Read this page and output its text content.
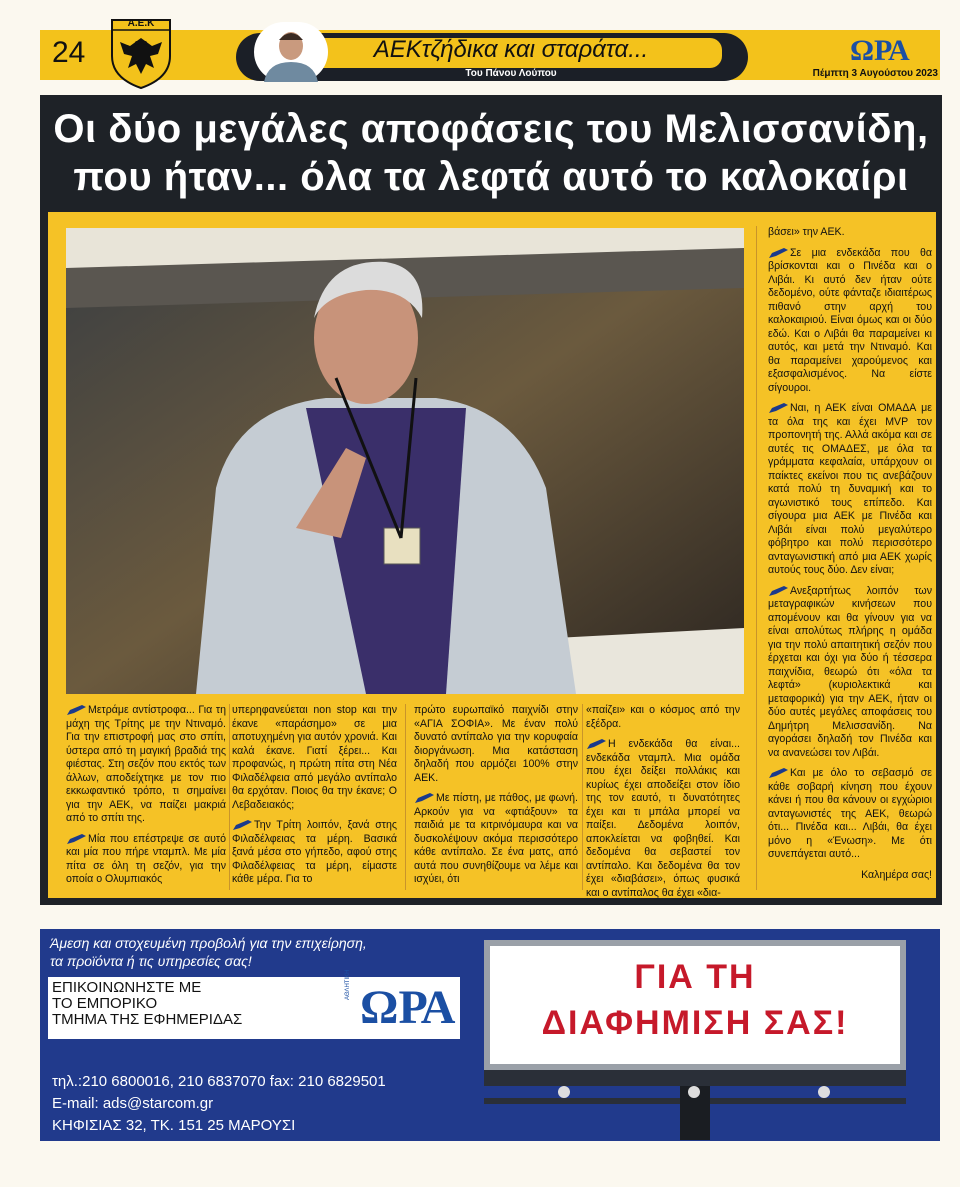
24
Α.Ε.Κ
ΑΕΚτζήδικα και σταράτα...
Του Πάνου Λούπου
ΩΡΑ
Πέμπτη 3 Αυγούστου 2023
Οι δύο μεγάλες αποφάσεις του Μελισσανίδη,
που ήταν... όλα τα λεφτά αυτό το καλοκαίρι

Μετράμε αντίστροφα... Για τη μάχη της Τρίτης με την Ντιναμό. Για την επιστροφή μας στο σπίτι, ύστερα από τη μαγική βραδιά της φιέστας. Στη σεζόν που εκτός των άλλων, αποδείχτηκε με τον πιο εκκωφαντικό τρόπο, τι σημαίνει για την ΑΕΚ, να παίζει μακριά από το σπίτι της.

Μία που επέστρεψε σε αυτό και μία που πήρε νταμπλ. Με μία πίτα σε όλη τη σεζόν, για την οποία ο Ολυμπιακός

υπερηφανεύεται non stop και την έκανε «παράσημο» σε μια αποτυχημένη για αυτόν χρονιά. Και καλά έκανε. Γιατί ξέρει... Και προφανώς, η πρώτη πίτα στη Νέα Φιλαδέλφεια από μεγάλο αντίπαλο θα ερχόταν. Ποιος θα την έκανε; Ο Λεβαδειακός;

Την Τρίτη λοιπόν, ξανά στης Φιλαδέλφειας τα μέρη. Βασικά ξανά μέσα στο γήπεδο, αφού στης Φιλαδέλφειας τα μέρη, είμαστε κάθε μέρα. Για το

πρώτο ευρωπαϊκό παιχνίδι στην «ΑΓΙΑ ΣΟΦΙΑ». Με έναν πολύ δυνατό αντίπαλο για την κορυφαία διοργάνωση. Μια κατάσταση δηλαδή που αρμόζει 100% στην ΑΕΚ.

Με πίστη, με πάθος, με φωνή. Αρκούν για να «φτιάξουν» τα παιδιά με τα κιτρινόμαυρα και να δυσκολέψουν ακόμα περισσότερο κάθε αντίπαλο. Σε ένα ματς, από αυτά που συνηθίζουμε να λέμε και ισχύει, ότι

«παίζει» και ο κόσμος από την εξέδρα.

Η ενδεκάδα θα είναι... ενδεκάδα νταμπλ. Μια ομάδα που έχει δείξει πολλάκις και κυρίως έχει αποδείξει στον ίδιο της τον εαυτό, τι δυνατότητες έχει και τι μπάλα μπορεί να παίξει. Δεδομένα λοιπόν, αποκλείεται να φοβηθεί. Και δεδομένα θα σεβαστεί τον αντίπαλο. Και δεδομένα θα τον έχει «διαβάσει», όπως φυσικά και ο αντίπαλος θα έχει «δια-

βάσει» την ΑΕΚ.

Σε μια ενδεκάδα που θα βρίσκονται και ο Πινέδα και ο Λιβάι. Κι αυτό δεν ήταν ούτε δεδομένο, ούτε φάνταζε ιδιαιτέρως πιθανό στην αρχή του καλοκαιριού. Είναι όμως και οι δύο εδώ. Και ο Λιβάι θα παραμείνει κι αυτός, και μετά την Ντιναμό. Και θα παραμείνει χαρούμενος και εξασφαλισμένος. Να είστε σίγουροι.

Ναι, η ΑΕΚ είναι ΟΜΑΔΑ με τα όλα της και έχει MVP τον προπονητή της. Αλλά ακόμα και σε αυτές τις ΟΜΑΔΕΣ, με όλα τα γράμματα κεφαλαία, υπάρχουν οι παίκτες εκείνοι που τις ανεβάζουν κατά πολύ τη δυναμική και το αγωνιστικό τους επίπεδο. Και σίγουρα μια ΑΕΚ με Πινέδα και Λιβάι είναι πολύ μεγαλύτερο φόβητρο και πολύ περισσότερο ανταγωνιστική από μια ΑΕΚ χωρίς αυτούς τους δύο. Δεν είναι;

Ανεξαρτήτως λοιπόν των μεταγραφικών κινήσεων που απομένουν και θα γίνουν για να είναι απολύτως πλήρης η ομάδα για την πολύ απαιτητική σεζόν που έρχεται και όχι για δύο ή τέσσερα παιχνίδια, θεωρώ ότι «όλα τα λεφτά» (κυριολεκτικά και μεταφορικά) για την ΑΕΚ, ήταν οι δύο αυτές μεγάλες αποφάσεις του Δημήτρη Μελισσανίδη. Να αγοράσει δηλαδή τον Πινέδα και να ανανεώσει τον Λιβάι.

Και με όλο το σεβασμό σε κάθε σοβαρή κίνηση που έχουν κάνει ή που θα κάνουν οι εγχώριοι ανταγωνιστές της ΑΕΚ, θεωρώ ότι... Πινέδα και... Λιβάι, θα έχει μόνο η «Ένωση». Με ότι συνεπάγεται αυτό...

Καλημέρα σας!

Άμεση και στοχευμένη προβολή για την επιχείρηση,
τα προϊόντα ή τις υπηρεσίες σας!
ΕΠΙΚΟΙΝΩΝΗΣΤΕ ΜΕ
ΤΟ ΕΜΠΟΡΙΚΟ
ΤΜΗΜΑ ΤΗΣ ΕΦΗΜΕΡΙΔΑΣ
ΑΘΛΗΤΙΚΗ ΩΡΑ
τηλ.:210 6800016, 210 6837070 fax: 210 6829501
E-mail: ads@starcom.gr
ΚΗΦΙΣΙΑΣ 32, ΤΚ. 151 25 ΜΑΡΟΥΣΙ
ΓΙΑ ΤΗ
ΔΙΑΦΗΜΙΣΗ ΣΑΣ!
